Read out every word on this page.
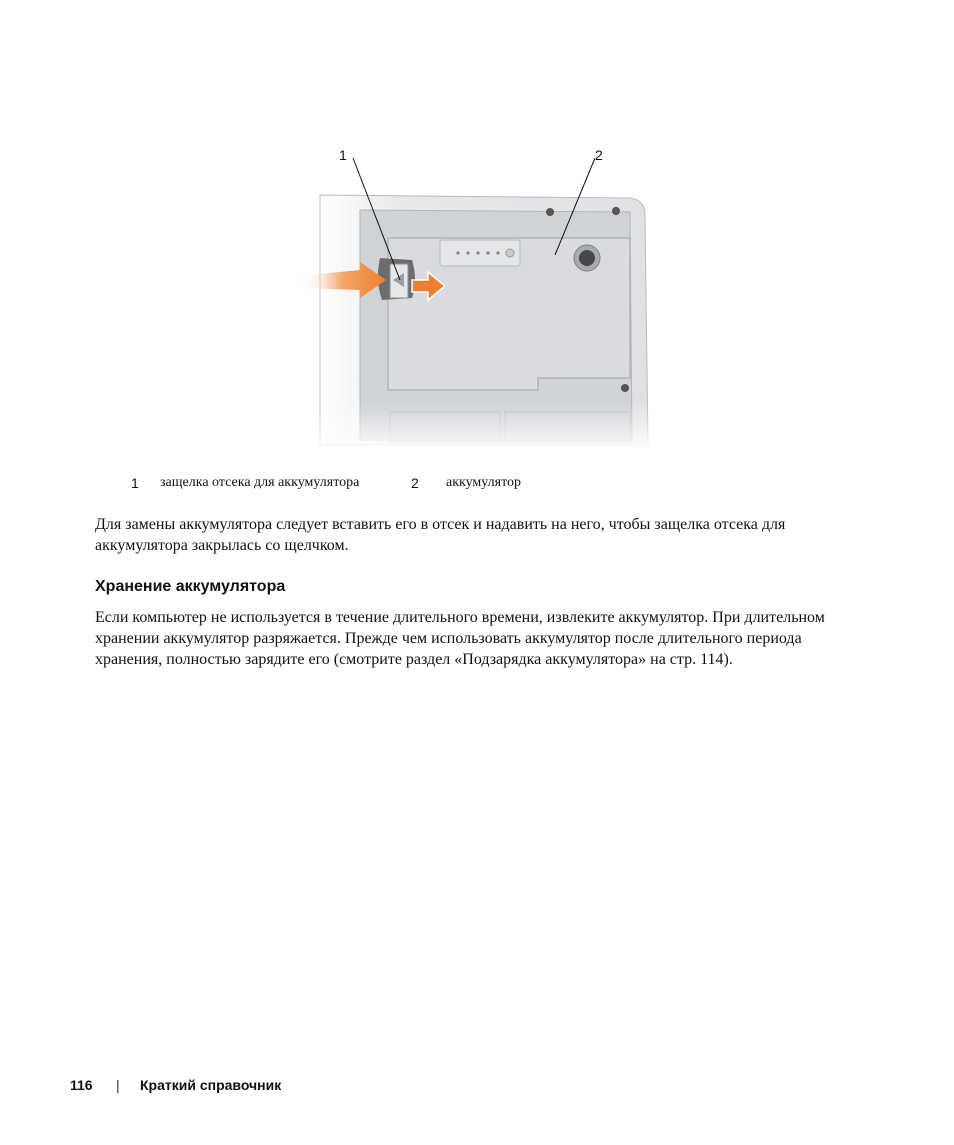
1	2
1 защелка отсека для аккумулятора	2 аккумулятор
Для замены аккумулятора следует вставить его в отсек и надавить на него, чтобы защелка отсека для
аккумулятора закрылась со щелчком.
Хранение аккумулятора
Если компьютер не используется в течение длительного времени, извлеките аккумулятор. При длительном
хранении аккумулятор разряжается. Прежде чем использовать аккумулятор после длительного периода
хранения, полностью зарядите его (смотрите раздел «Подзарядка аккумулятора» на стр. 114).
116 | Краткий справочник
